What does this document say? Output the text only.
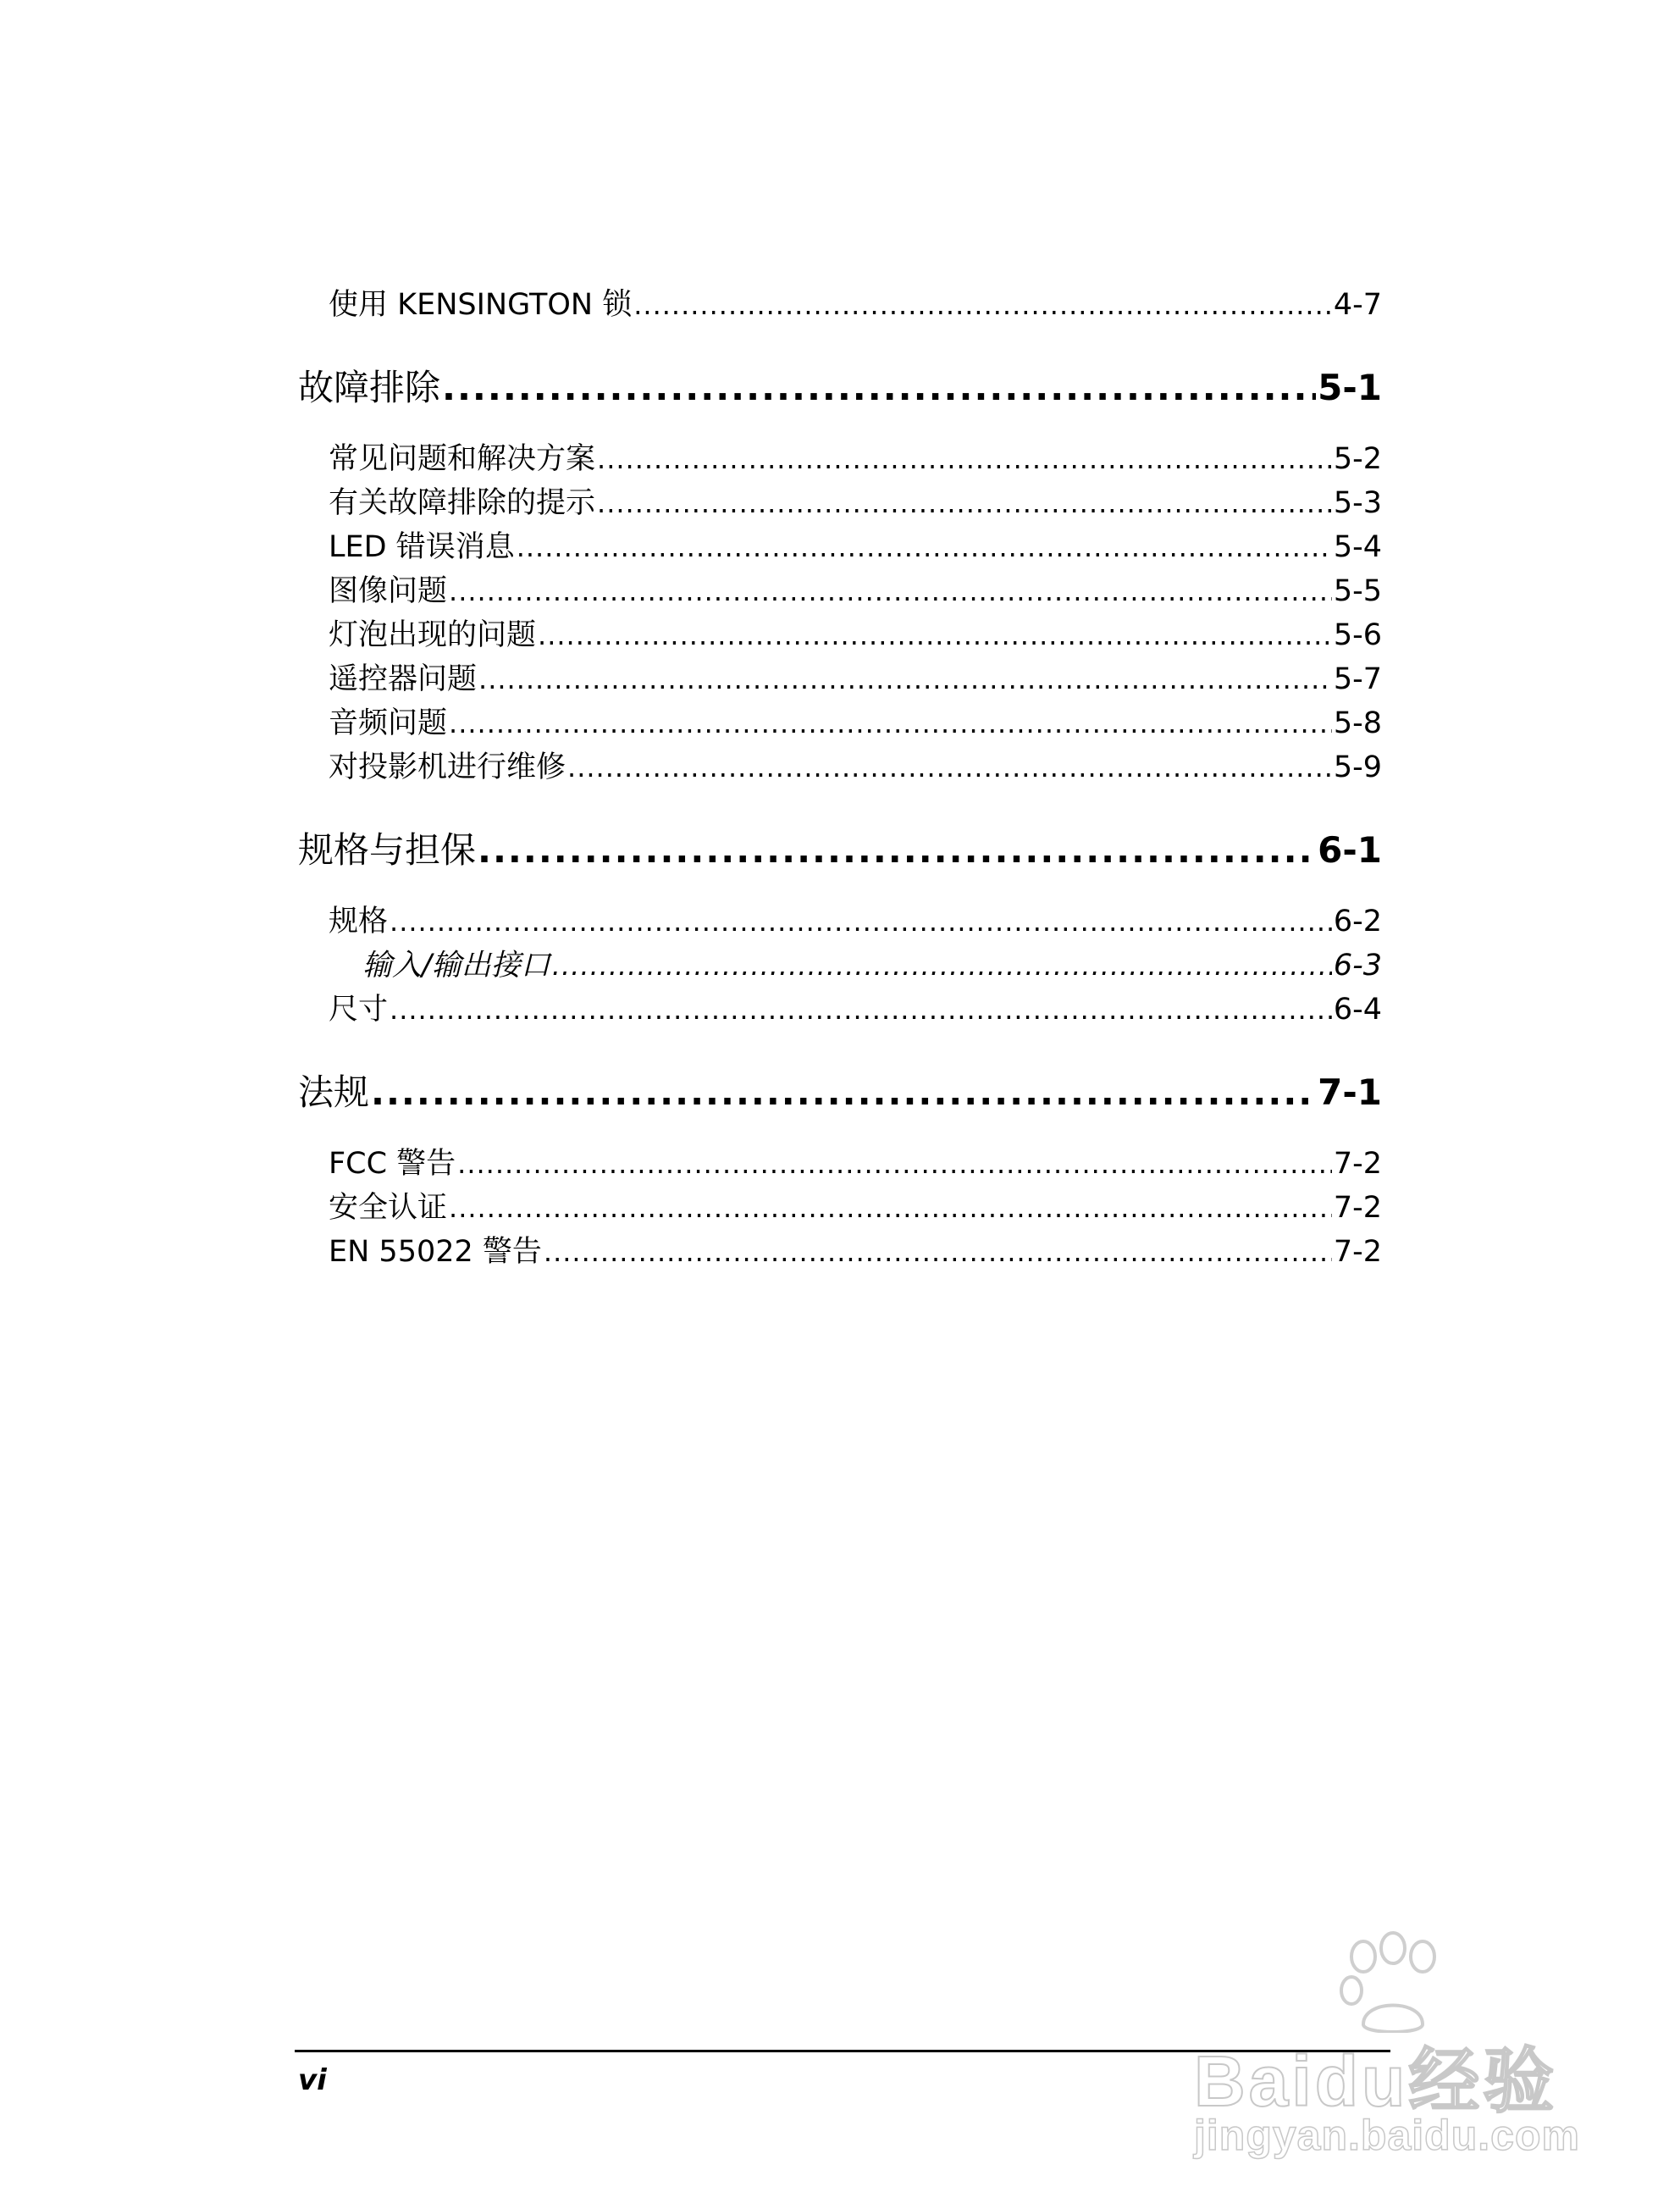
使用 KENSINGTON 锁 .....	4-7
故障排除 .....	5-1
常见问题和解决方案 .....	5-2
有关故障排除的提示 .....	5-3
LED 错误消息 .....	5-4
图像问题 .....	5-5
灯泡出现的问题 .....	5-6
遥控器问题 .....	5-7
音频问题 .....	5-8
对投影机进行维修 .....	5-9
规格与担保 .....	6-1
规格 .....	6-2
输入/输出接口 .....	6-3
尺寸 .....	6-4
法规 .....	7-1
FCC 警告 .....	7-2
安全认证 .....	7-2
EN 55022 警告 .....	7-2
vi	Baidu经验
jingyan.baidu.com
